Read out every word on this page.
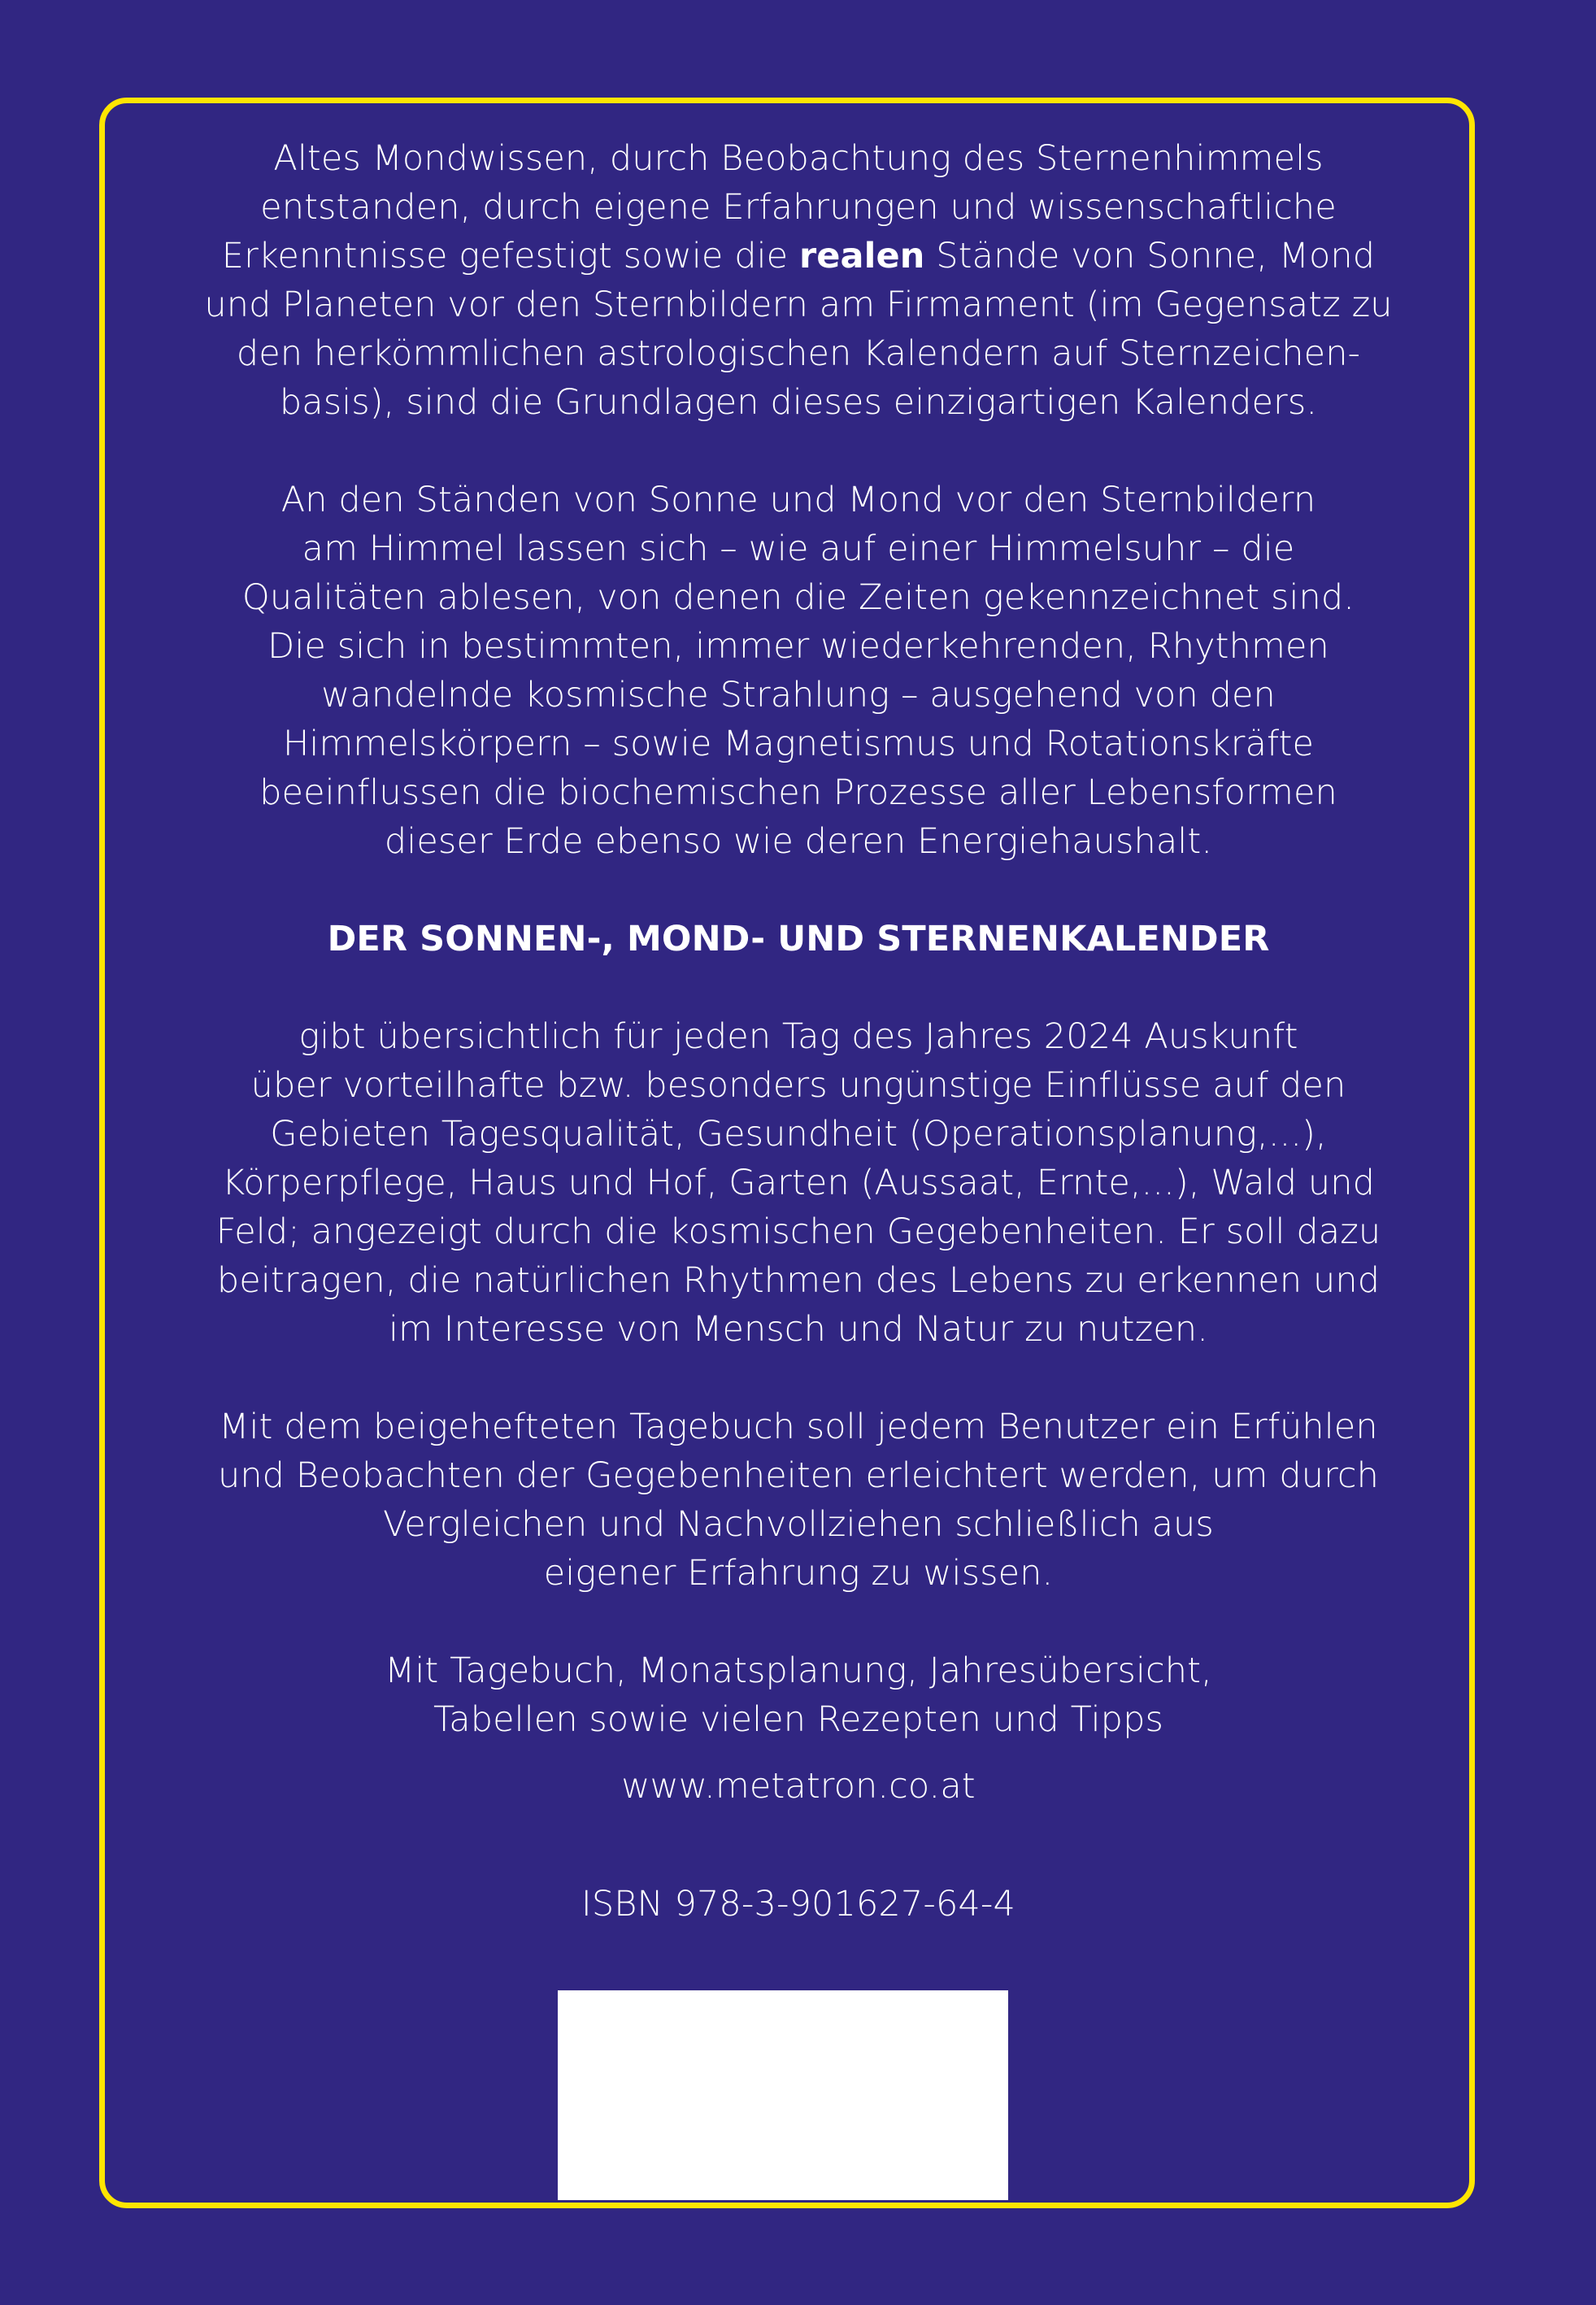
Altes Mondwissen, durch Beobachtung des Sternenhimmels
entstanden, durch eigene Erfahrungen und wissenschaftliche
Erkenntnisse gefestigt sowie die realen Stände von Sonne, Mond
und Planeten vor den Sternbildern am Firmament (im Gegensatz zu
den herkömmlichen astrologischen Kalendern auf Sternzeichen-
basis), sind die Grundlagen dieses einzigartigen Kalenders.

An den Ständen von Sonne und Mond vor den Sternbildern
am Himmel lassen sich – wie auf einer Himmelsuhr – die
Qualitäten ablesen, von denen die Zeiten gekennzeichnet sind.
Die sich in bestimmten, immer wiederkehrenden, Rhythmen
wandelnde kosmische Strahlung – ausgehend von den
Himmelskörpern – sowie Magnetismus und Rotationskräfte
beeinflussen die biochemischen Prozesse aller Lebensformen
dieser Erde ebenso wie deren Energiehaushalt.

DER SONNEN-, MOND- UND STERNENKALENDER

gibt übersichtlich für jeden Tag des Jahres 2024 Auskunft
über vorteilhafte bzw. besonders ungünstige Einflüsse auf den
Gebieten Tagesqualität, Gesundheit (Operationsplanung,...),
Körperpflege, Haus und Hof, Garten (Aussaat, Ernte,...), Wald und
Feld; angezeigt durch die kosmischen Gegebenheiten. Er soll dazu
beitragen, die natürlichen Rhythmen des Lebens zu erkennen und
im Interesse von Mensch und Natur zu nutzen.

Mit dem beigehefteten Tagebuch soll jedem Benutzer ein Erfühlen
und Beobachten der Gegebenheiten erleichtert werden, um durch
Vergleichen und Nachvollziehen schließlich aus
eigener Erfahrung zu wissen.

Mit Tagebuch, Monatsplanung, Jahresübersicht,
Tabellen sowie vielen Rezepten und Tipps

www.metatron.co.at

ISBN 978-3-901627-64-4
